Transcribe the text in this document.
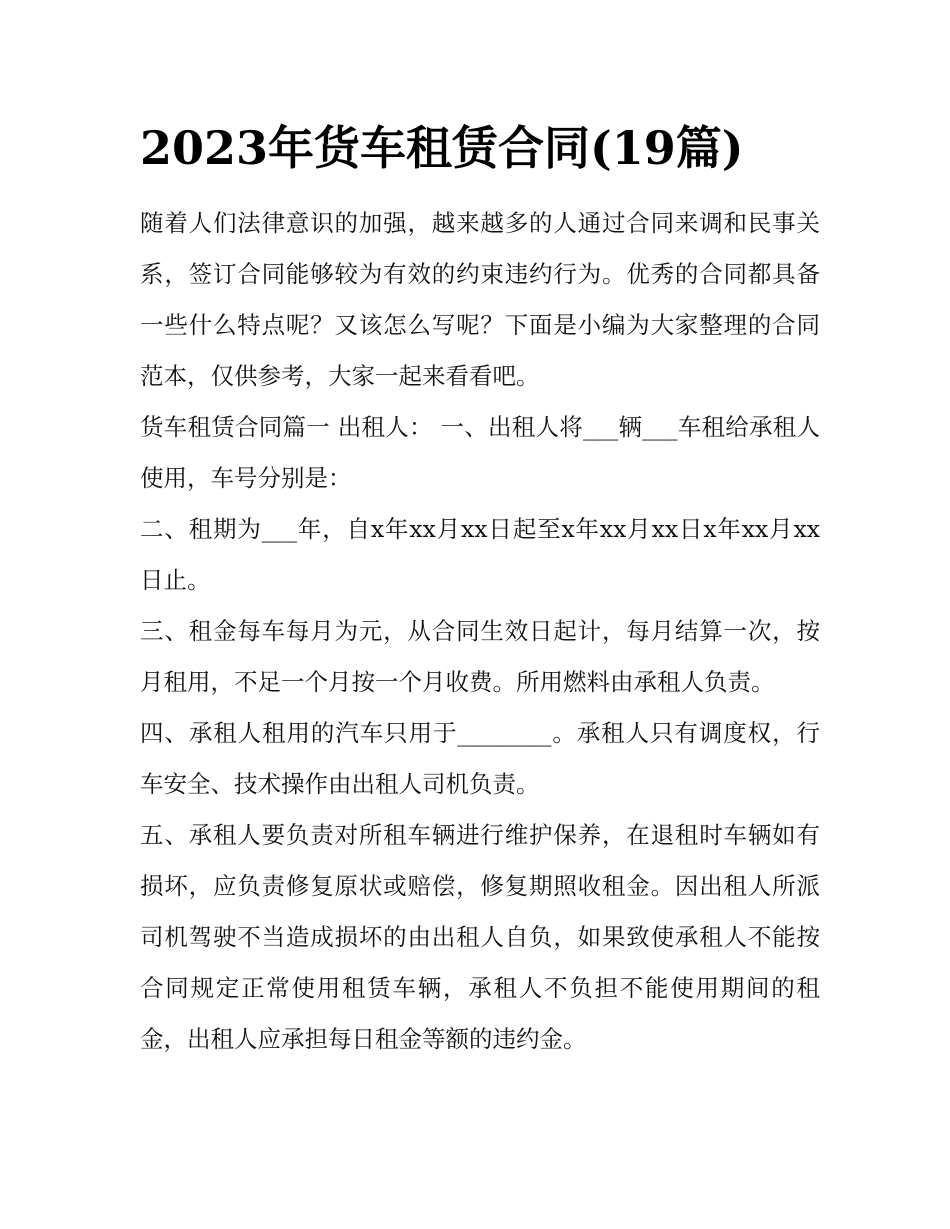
2023年货车租赁合同(19篇)

随着人们法律意识的加强，越来越多的人通过合同来调和民事关系，签订合同能够较为有效的约束违约行为。优秀的合同都具备一些什么特点呢？又该怎么写呢？下面是小编为大家整理的合同范本，仅供参考，大家一起来看看吧。

货车租赁合同篇一 出租人： 一、出租人将___辆___车租给承租人使用，车号分别是：

二、租期为___年，自x年xx月xx日起至x年xx月xx日x年xx月xx日止。

三、租金每车每月为元，从合同生效日起计，每月结算一次，按月租用，不足一个月按一个月收费。所用燃料由承租人负责。

四、承租人租用的汽车只用于________。承租人只有调度权，行车安全、技术操作由出租人司机负责。

五、承租人要负责对所租车辆进行维护保养，在退租时车辆如有损坏，应负责修复原状或赔偿，修复期照收租金。因出租人所派司机驾驶不当造成损坏的由出租人自负，如果致使承租人不能按合同规定正常使用租赁车辆，承租人不负担不能使用期间的租金，出租人应承担每日租金等额的违约金。
